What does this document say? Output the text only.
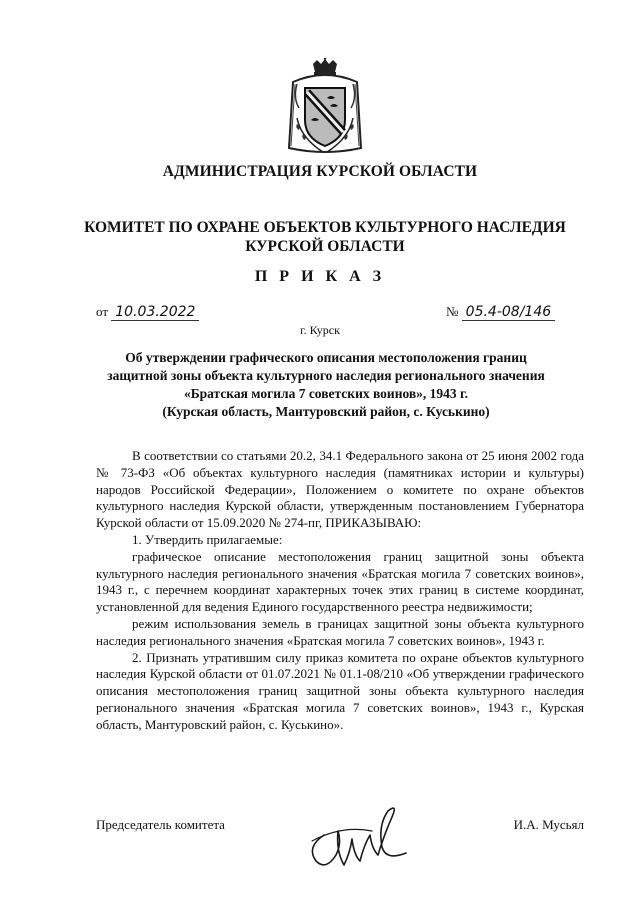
АДМИНИСТРАЦИЯ КУРСКОЙ ОБЛАСТИ
КОМИТЕТ ПО ОХРАНЕ ОБЪЕКТОВ КУЛЬТУРНОГО НАСЛЕДИЯ
КУРСКОЙ ОБЛАСТИ
П Р И К А З
от 10.03.2022	№ 05.4-08/146
г. Курск
Об утверждении графического описания местоположения границ
защитной зоны объекта культурного наследия регионального значения
«Братская могила 7 советских воинов», 1943 г.
(Курская область, Мантуровский район, с. Куськино)

В соответствии со статьями 20.2, 34.1 Федерального закона от 25 июня 2002 года № 73-ФЗ «Об объектах культурного наследия (памятниках истории и культуры) народов Российской Федерации», Положением о комитете по охране объектов культурного наследия Курской области, утвержденным постановлением Губернатора Курской области от 15.09.2020 № 274-пг, ПРИКАЗЫВАЮ:

1. Утвердить прилагаемые:

графическое описание местоположения границ защитной зоны объекта культурного наследия регионального значения «Братская могила 7 советских воинов», 1943 г., с перечнем координат характерных точек этих границ в системе координат, установленной для ведения Единого государственного реестра недвижимости;

режим использования земель в границах защитной зоны объекта культурного наследия регионального значения «Братская могила 7 советских воинов», 1943 г.

2. Признать утратившим силу приказ комитета по охране объектов культурного наследия Курской области от 01.07.2021 № 01.1-08/210 «Об утверждении графического описания местоположения границ защитной зоны объекта культурного наследия регионального значения «Братская могила 7 советских воинов», 1943 г., Курская область, Мантуровский район, с. Куськино».

Председатель комитета	И.А. Мусьял
